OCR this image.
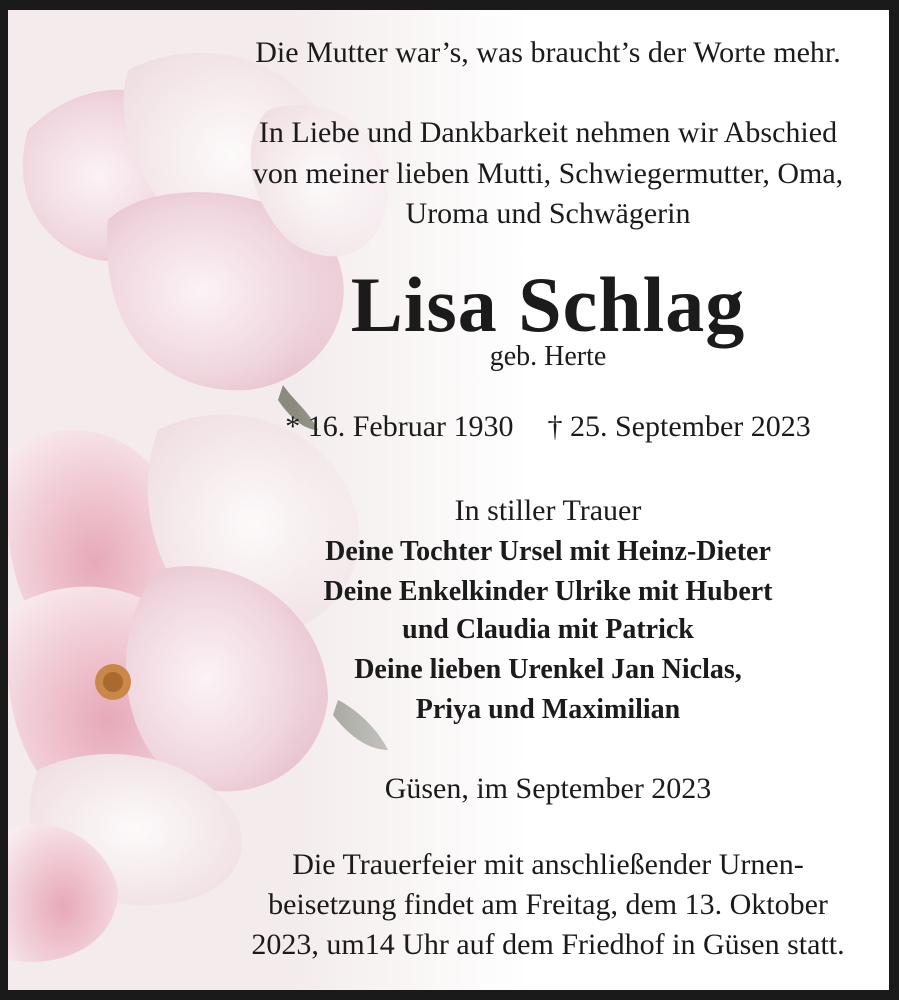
Die Mutter war’s, was braucht’s der Worte mehr.
In Liebe und Dankbarkeit nehmen wir Abschied
von meiner lieben Mutti, Schwiegermutter, Oma,
Uroma und Schwägerin
Lisa Schlag
geb. Herte
* 16. Februar 1930 † 25. September 2023
In stiller Trauer
Deine Tochter Ursel mit Heinz-Dieter
Deine Enkelkinder Ulrike mit Hubert
und Claudia mit Patrick
Deine lieben Urenkel Jan Niclas,
Priya und Maximilian
Güsen, im September 2023
Die Trauerfeier mit anschließender Urnen-
beisetzung findet am Freitag, dem 13. Oktober
2023, um14 Uhr auf dem Friedhof in Güsen statt.
